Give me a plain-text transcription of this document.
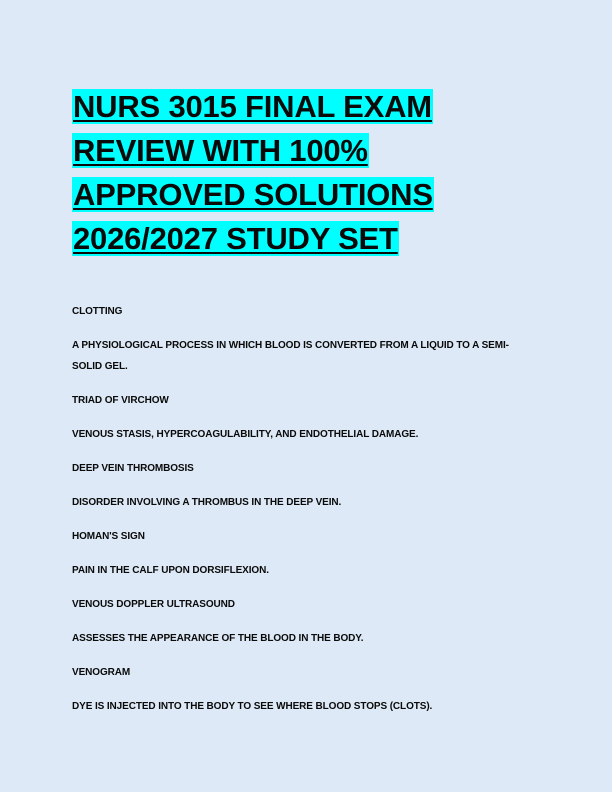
NURS 3015 FINAL EXAM REVIEW WITH 100% APPROVED SOLUTIONS 2026/2027 STUDY SET

CLOTTING

A PHYSIOLOGICAL PROCESS IN WHICH BLOOD IS CONVERTED FROM A LIQUID TO A SEMI-SOLID GEL.

TRIAD OF VIRCHOW

VENOUS STASIS, HYPERCOAGULABILITY, AND ENDOTHELIAL DAMAGE.

DEEP VEIN THROMBOSIS

DISORDER INVOLVING A THROMBUS IN THE DEEP VEIN.

HOMAN'S SIGN

PAIN IN THE CALF UPON DORSIFLEXION.

VENOUS DOPPLER ULTRASOUND

ASSESSES THE APPEARANCE OF THE BLOOD IN THE BODY.

VENOGRAM

DYE IS INJECTED INTO THE BODY TO SEE WHERE BLOOD STOPS (CLOTS).
